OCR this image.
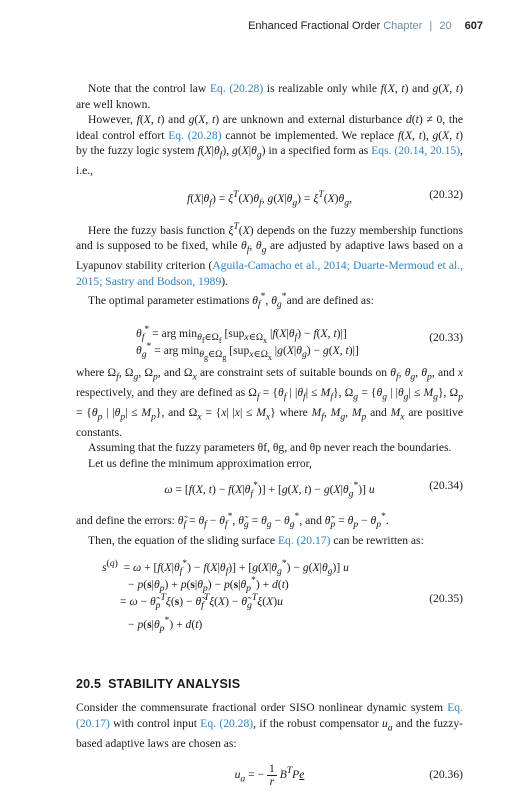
Enhanced Fractional Order Chapter | 20 607

Note that the control law Eq. (20.28) is realizable only while f(X, t) and g(X, t) are well known.

However, f(X, t) and g(X, t) are unknown and external disturbance d(t) ≠ 0, the ideal control effort Eq. (20.28) cannot be implemented. We replace f(X, t), g(X, t) by the fuzzy logic system $f(X|\theta_f)$, $g(X|\theta_g)$ in a specified form as Eqs. (20.14, 20.15), i.e.,

$f(X|\theta_f) = \xi^T(X)\theta_f$, $g(X|\theta_g) = \xi^T(X)\theta_g$,	(20.32)

Here the fuzzy basis function $\xi^T(X)$ depends on the fuzzy membership functions and is supposed to be fixed, while $\theta_f$, $\theta_g$ are adjusted by adaptive laws based on a Lyapunov stability criterion (Aguila-Camacho et al., 2014; Duarte-Mermoud et al., 2015; Sastry and Bodson, 1989).

The optimal parameter estimations $\theta_f^*$, $\theta_g^*and$ are defined as:

$\theta_f^*$ = arg $\min_{\theta_f\in\Omega_f} [sup_{x\in\Omega_x}$ $|f(X|\theta_f) - f(X$, t)|]
$\theta_g^*$ = arg $\min_{\theta_g\in\Omega_g} [sup_{x\in\Omega_x}$ $|g(X|\theta_g) - g(X$, t)|]
(20.33)

where $\Omega_f$, $\Omega_g$, $\Omega_p$, and $\Omega_x$ are constraint sets of suitable bounds on $\theta_f$, $\theta_g$, $\theta_p$, and x respectively, and they are defined as $\Omega_f = \{\theta_f$ | $|\theta_f| \le M_f$}, $\Omega_g = \{\theta_g$ | $|\theta_g| \le M_g$}, $\Omega_p = \{\theta_p$ | $|\theta_p| \le M_p$}, and $\Omega_x = \{x|$ $|x| \le M_x$} where $M_f$, $M_g$, $M_p$ and $M_x$ are positive constants.

Assuming that the fuzzy parameters θf, θg, and θp never reach the boundaries.

Let us define the minimum approximation error,

ω = [f(X, $t) - f(X|\theta_f^*)] + [g(X$, $t) - g(X|\theta_g^*)$] u	(20.34)

and define the errors: $\thetã_f = \theta_f - \theta_f^*$, $\thetã_g = \theta_g - \theta_g^*$, and $\thetã_p = \theta_p - \theta_p^*$.

Then, the equation of the sliding surface Eq. (20.17) can be rewritten as:

$s^{(q)} = \omega + [f(X|\theta_f^*) - f(X|\theta_f)] + [g(X|\theta_g^*) - g(X|\theta_g)]$ u
− $p(s|\theta_p) + p(s|\theta_p) - p(s|\theta_p^*) + d(t)$
= $\omega - \thetã_p^T\xi(s)$ − $\thetã_f^T\xi(X)$ − $\thetã_g^T\xi(X)u$
− $p(s|\theta_p^*) + d(t)$
(20.35)
20.5 STABILITY ANALYSIS

Consider the commensurate fractional order SISO nonlinear dynamic system Eq. (20.17) with control input Eq. (20.28), if the robust compensator $u_a$ and the fuzzy-based adaptive laws are chosen as:

$u_a$ = − $\frac{1}{r} B^TPe$	(20.36)
